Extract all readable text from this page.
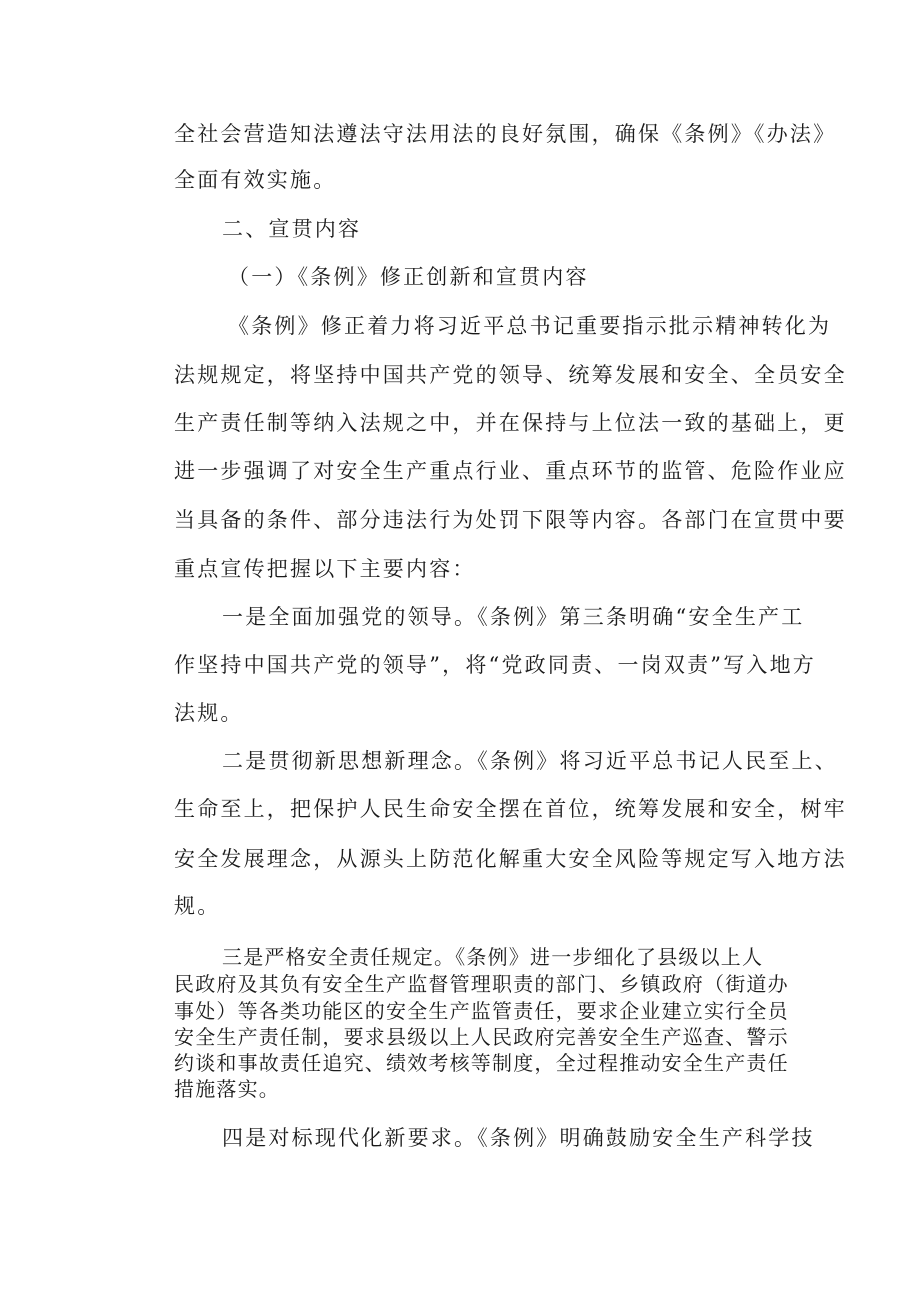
全社会营造知法遵法守法用法的良好氛围，确保《条例》《办法》
全面有效实施。
二、宣贯内容
（一）《条例》修正创新和宣贯内容
《条例》修正着力将习近平总书记重要指示批示精神转化为
法规规定，将坚持中国共产党的领导、统筹发展和安全、全员安全
生产责任制等纳入法规之中，并在保持与上位法一致的基础上，更
进一步强调了对安全生产重点行业、重点环节的监管、危险作业应
当具备的条件、部分违法行为处罚下限等内容。各部门在宣贯中要
重点宣传把握以下主要内容：
一是全面加强党的领导。《条例》第三条明确“安全生产工
作坚持中国共产党的领导”，将“党政同责、一岗双责”写入地方
法规。
二是贯彻新思想新理念。《条例》将习近平总书记人民至上、
生命至上，把保护人民生命安全摆在首位，统筹发展和安全，树牢
安全发展理念，从源头上防范化解重大安全风险等规定写入地方法
规。
三是严格安全责任规定。《条例》进一步细化了县级以上人
民政府及其负有安全生产监督管理职责的部门、乡镇政府（街道办
事处）等各类功能区的安全生产监管责任，要求企业建立实行全员
安全生产责任制，要求县级以上人民政府完善安全生产巡查、警示
约谈和事故责任追究、绩效考核等制度，全过程推动安全生产责任
措施落实。
四是对标现代化新要求。《条例》明确鼓励安全生产科学技
